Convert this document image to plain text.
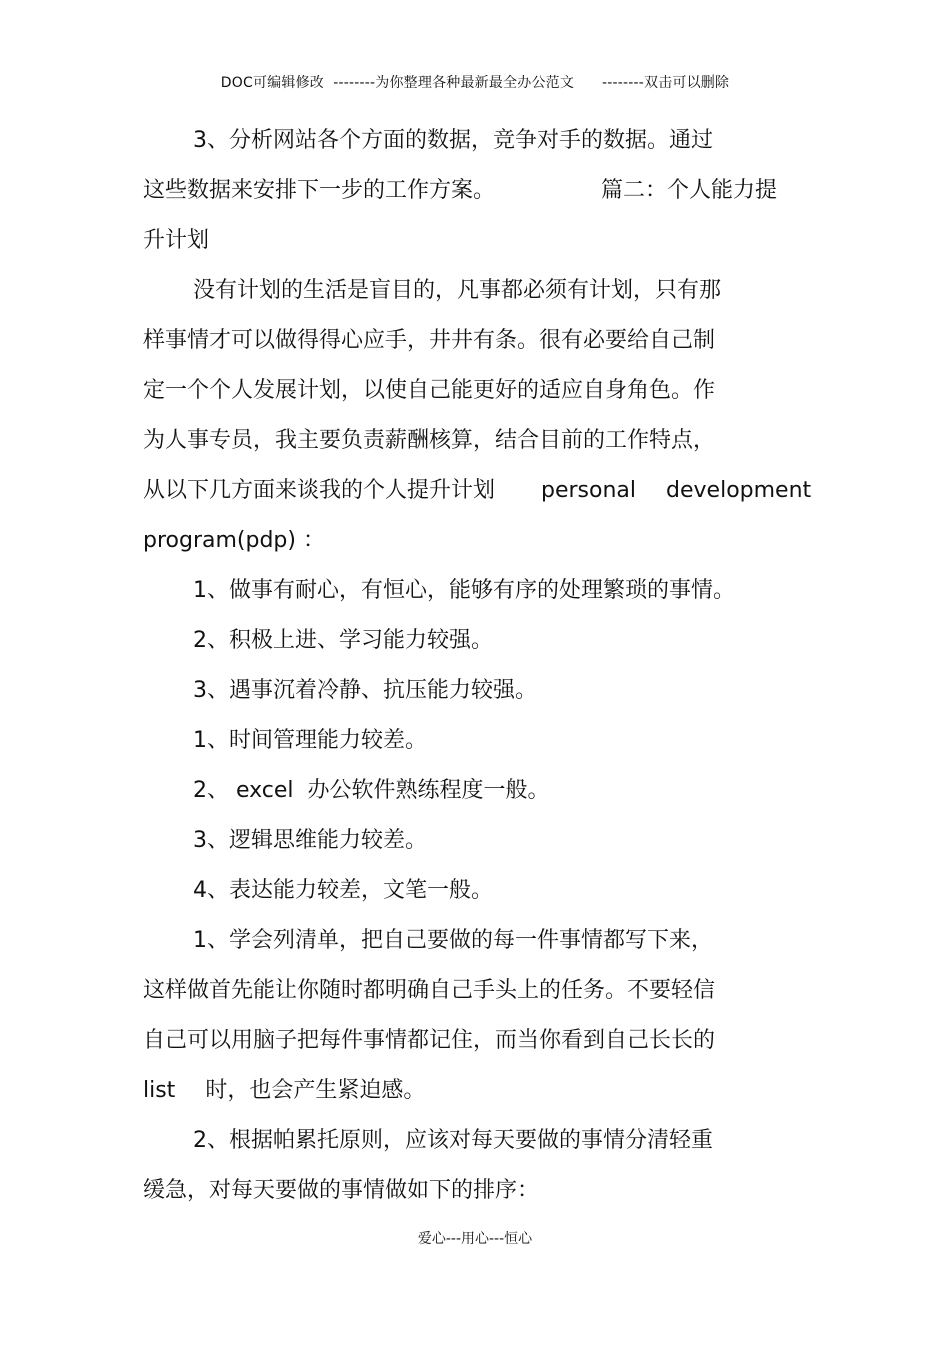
DOC可编辑修改  --------为你整理各种最新最全办公范文      --------双击可以删除
3、分析网站各个方面的数据，竞争对手的数据。通过
这些数据来安排下一步的工作方案。	篇二：个人能力提
升计划
没有计划的生活是盲目的，凡事都必须有计划，只有那
样事情才可以做得得心应手，井井有条。很有必要给自己制
定一个个人发展计划，以使自己能更好的适应自身角色。作
为人事专员，我主要负责薪酬核算，结合目前的工作特点，
从以下几方面来谈我的个人提升计划 personal development
program(pdp) ：
1、做事有耐心，有恒心，能够有序的处理繁琐的事情。
2、积极上进、学习能力较强。
3、遇事沉着冷静、抗压能力较强。
1、时间管理能力较差。
2、 excel  办公软件熟练程度一般。
3、逻辑思维能力较差。
4、表达能力较差，文笔一般。
1、学会列清单，把自己要做的每一件事情都写下来，
这样做首先能让你随时都明确自己手头上的任务。不要轻信
自己可以用脑子把每件事情都记住，而当你看到自己长长的
list 时，也会产生紧迫感。
2、根据帕累托原则，应该对每天要做的事情分清轻重
缓急，对每天要做的事情做如下的排序：
爱心---用心---恒心
